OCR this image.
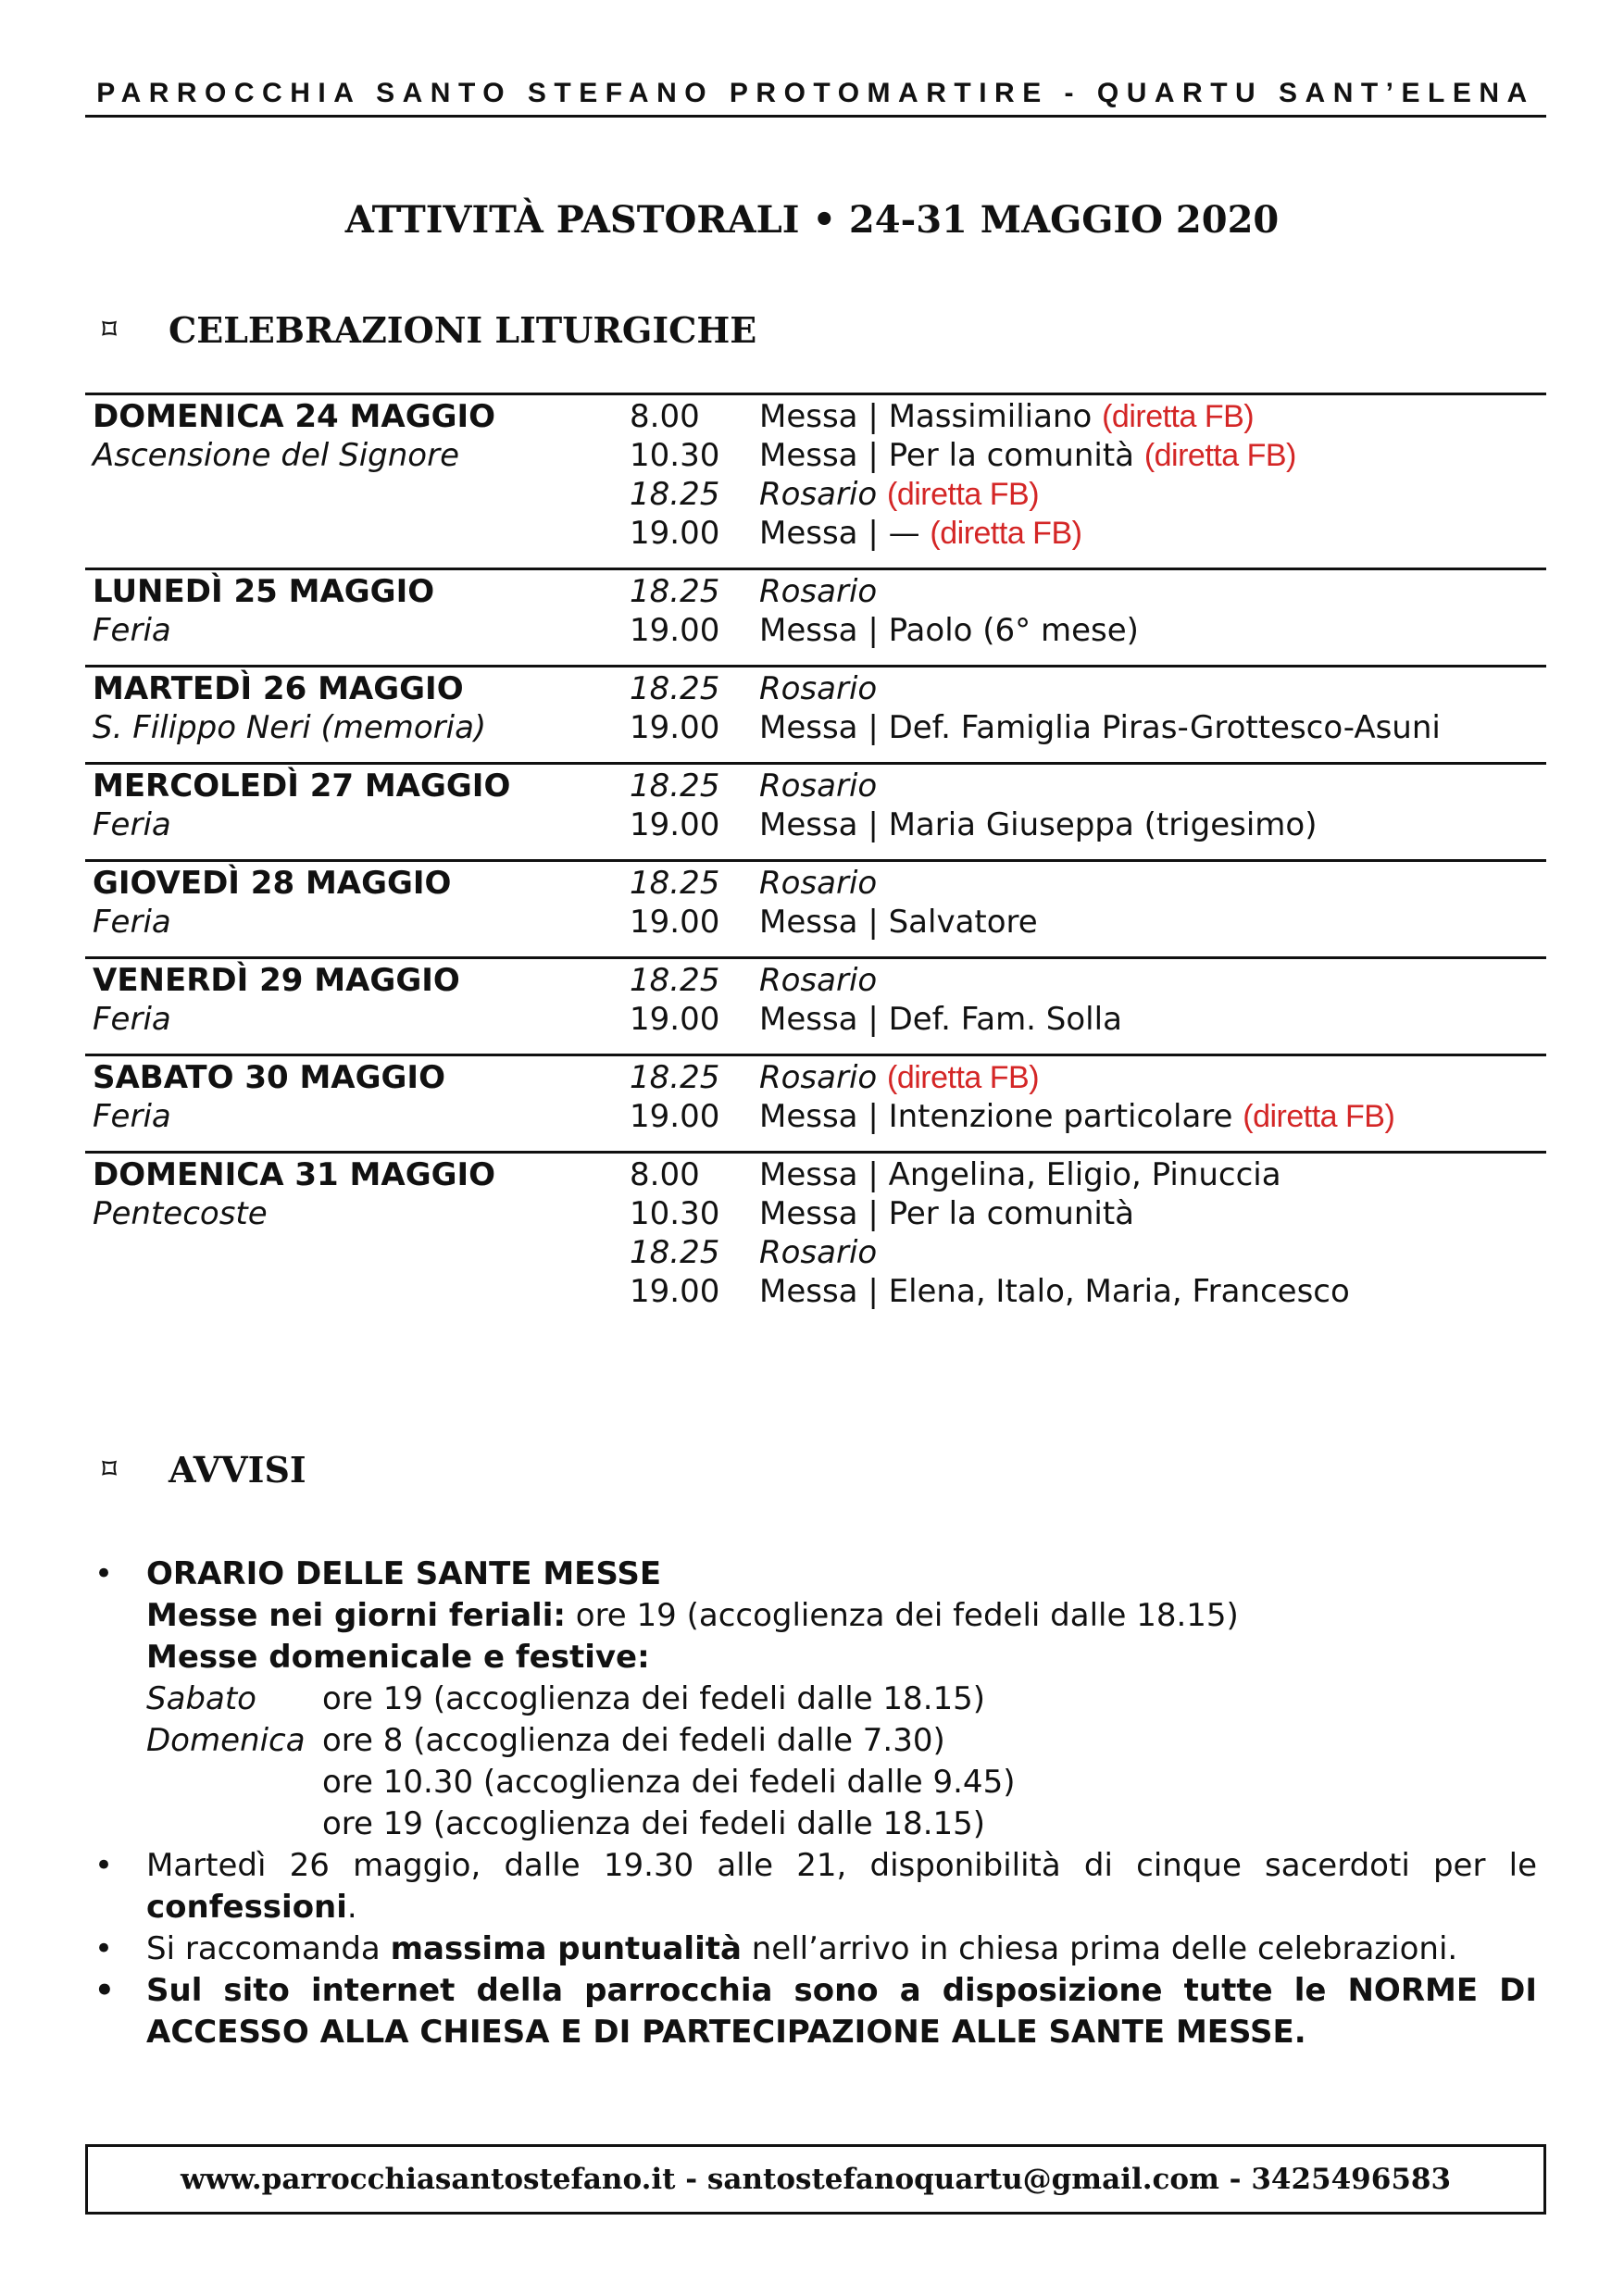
PARROCCHIA SANTO STEFANO PROTOMARTIRE - QUARTU SANT’ELENA
ATTIVITÀ PASTORALI • 24-31 MAGGIO 2020
⌑ CELEBRAZIONI LITURGICHE
DOMENICA 24 MAGGIO
Ascensione del Signore
8.00 Messa | Massimiliano (diretta FB)
10.30 Messa | Per la comunità (diretta FB)
18.25 Rosario (diretta FB)
19.00 Messa | — (diretta FB)
LUNEDÌ 25 MAGGIO
Feria
18.25 Rosario
19.00 Messa | Paolo (6° mese)
MARTEDÌ 26 MAGGIO
S. Filippo Neri (memoria)
18.25 Rosario
19.00 Messa | Def. Famiglia Piras-Grottesco-Asuni
MERCOLEDÌ 27 MAGGIO
Feria
18.25 Rosario
19.00 Messa | Maria Giuseppa (trigesimo)
GIOVEDÌ 28 MAGGIO
Feria
18.25 Rosario
19.00 Messa | Salvatore
VENERDÌ 29 MAGGIO
Feria
18.25 Rosario
19.00 Messa | Def. Fam. Solla
SABATO 30 MAGGIO
Feria
18.25 Rosario (diretta FB)
19.00 Messa | Intenzione particolare (diretta FB)
DOMENICA 31 MAGGIO
Pentecoste
8.00 Messa | Angelina, Eligio, Pinuccia
10.30 Messa | Per la comunità
18.25 Rosario
19.00 Messa | Elena, Italo, Maria, Francesco
⌑ AVVISI
• ORARIO DELLE SANTE MESSE
Messe nei giorni feriali: ore 19 (accoglienza dei fedeli dalle 18.15)
Messe domenicale e festive:
Sabato ore 19 (accoglienza dei fedeli dalle 18.15)
Domenica ore 8 (accoglienza dei fedeli dalle 7.30)
ore 10.30 (accoglienza dei fedeli dalle 9.45)
ore 19 (accoglienza dei fedeli dalle 18.15)
• Martedì 26 maggio, dalle 19.30 alle 21, disponibilità di cinque sacerdoti per le confessioni.
• Si raccomanda massima puntualità nell’arrivo in chiesa prima delle celebrazioni.
• Sul sito internet della parrocchia sono a disposizione tutte le NORME DI ACCESSO ALLA CHIESA E DI PARTECIPAZIONE ALLE SANTE MESSE.
www.parrocchiasantostefano.it - santostefanoquartu@gmail.com - 3425496583
